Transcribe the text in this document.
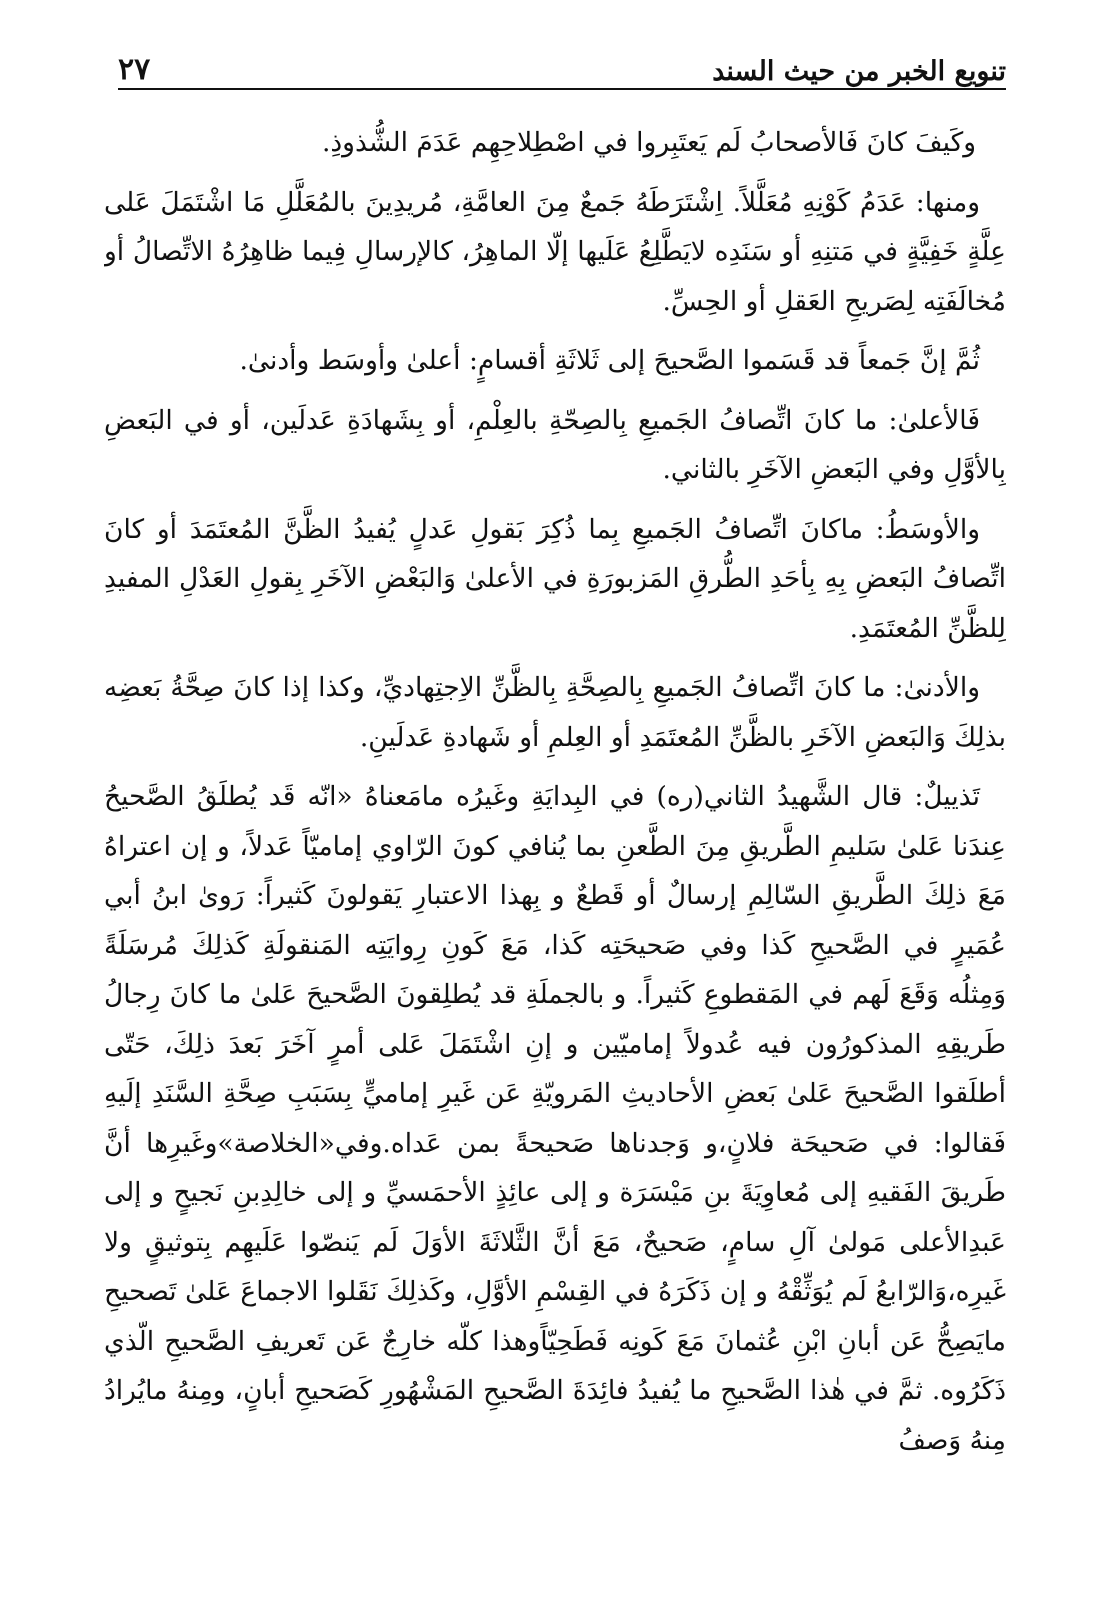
تنويع الخبر من حيث السند
٢٧

وكَيفَ كانَ فَالأصحابُ لَم يَعتَبِروا في اصْطِلاحِهِم عَدَمَ الشُّذوذِ.

ومنها: عَدَمُ كَوْنِهِ مُعَلَّلاً. اِشْتَرَطَهُ جَمعٌ مِنَ العامَّةِ، مُريدِينَ بالمُعَلَّلِ مَا اشْتَمَلَ عَلى عِلَّةٍ خَفِيَّةٍ في مَتنِهِ أو سَنَدِه لايَطَّلِعُ عَلَيها إلّا الماهِرُ، كالإرسالِ فِيما ظاهِرُهُ الاتِّصالُ أو مُخالَفَتِه لِصَريحِ العَقلِ أو الحِسِّ.

ثُمَّ إنَّ جَمعاً قد قَسَموا الصَّحيحَ إلى ثَلاثَةِ أقسامٍ: أعلىٰ وأوسَط وأدنىٰ.

فَالأعلىٰ: ما كانَ اتِّصافُ الجَميعِ بِالصِحّةِ بالعِلْمِ، أو بِشَهادَةِ عَدلَين، أو في البَعضِ بِالأوَّلِ وفي البَعضِ الآخَرِ بالثاني.

والأوسَطُ: ماكانَ اتِّصافُ الجَميعِ بِما ذُكِرَ بَقولِ عَدلٍ يُفيدُ الظَّنَّ المُعتَمَدَ أو كانَ اتِّصافُ البَعضِ بِهِ بِأحَدِ الطُّرقِ المَزبورَةِ في الأعلىٰ وَالبَعْضِ الآخَرِ بِقولِ العَدْلِ المفيدِ لِلظَّنِّ المُعتَمَدِ.

والأدنىٰ: ما كانَ اتِّصافُ الجَميعِ بِالصِحَّةِ بِالظَّنِّ الاِجتِهاديِّ، وكذا إذا كانَ صِحَّةُ بَعضِه بذلِكَ وَالبَعضِ الآخَرِ بالظَّنِّ المُعتَمَدِ أو العِلمِ أو شَهادةِ عَدلَينِ.

تَذييلٌ: قال الشَّهيدُ الثاني(ره) في البِدايَةِ وغَيرُه مامَعناهُ «انّه قَد يُطلَقُ الصَّحيحُ عِندَنا عَلىٰ سَليمِ الطَّريقِ مِنَ الطَّعنِ بما يُنافي كونَ الرّاوي إماميّاً عَدلاً، و إن اعتراهُ مَعَ ذلِكَ الطَّريقِ السّالِمِ إرسالٌ أو قَطعٌ و بِهذا الاعتبارِ يَقولونَ كَثيراً: رَوىٰ ابنُ أبي عُمَيرٍ في الصَّحيحِ كَذا وفي صَحيحَتِه كَذا، مَعَ كَونِ رِوايَتِه المَنقولَةِ كَذلِكَ مُرسَلَةً وَمِثلُه وَقَعَ لَهم في المَقطوعِ كَثيراً. و بالجملَةِ قد يُطلِقونَ الصَّحيحَ عَلىٰ ما كانَ رِجالُ طَريقِهِ المذكورُون فيه عُدولاً إماميّين و إنِ اشْتَمَلَ عَلى أمرٍ آخَرَ بَعدَ ذلِكَ، حَتّى أطلَقوا الصَّحيحَ عَلىٰ بَعضِ الأحاديثِ المَرويّةِ عَن غَيرِ إماميٍّ بِسَبَبِ صِحَّةِ السَّنَدِ إلَيهِ فَقالوا: في صَحيحَة فلانٍ،و وَجدناها صَحيحةً بمن عَداه.وفي«الخلاصة»وغَيرِها أنَّ طَريقَ الفَقيهِ إلى مُعاوِيَةَ بنِ مَيْسَرَة و إلى عائِذٍ الأحمَسيِّ و إلى خالِدِبنِ نَجيحٍ و إلى عَبدِالأعلى مَولىٰ آلِ سامٍ، صَحيحٌ، مَعَ أنَّ الثَّلاثَةَ الأوَلَ لَم يَنصّوا عَلَيهِم بِتوثيقٍ ولا غَيرِه،وَالرّابعُ لَم يُوَثِّقْهُ و إن ذَكَرَهُ في القِسْمِ الأوَّلِ، وكَذلِكَ نَقَلوا الاجماعَ عَلىٰ تَصحيحِ مايَصِحُّ عَن أبانِ ابْنِ عُثمانَ مَعَ كَونِه فَطَحِيّاًوهذا كلّه خارِجٌ عَن تَعريفِ الصَّحيحِ الّذي ذَكَرُوه. ثمَّ في هٰذا الصَّحيحِ ما يُفيدُ فائِدَةَ الصَّحيحِ المَشْهُورِ كَصَحيحِ أبانٍ، ومِنهُ مايُرادُ مِنهُ وَصفُ
